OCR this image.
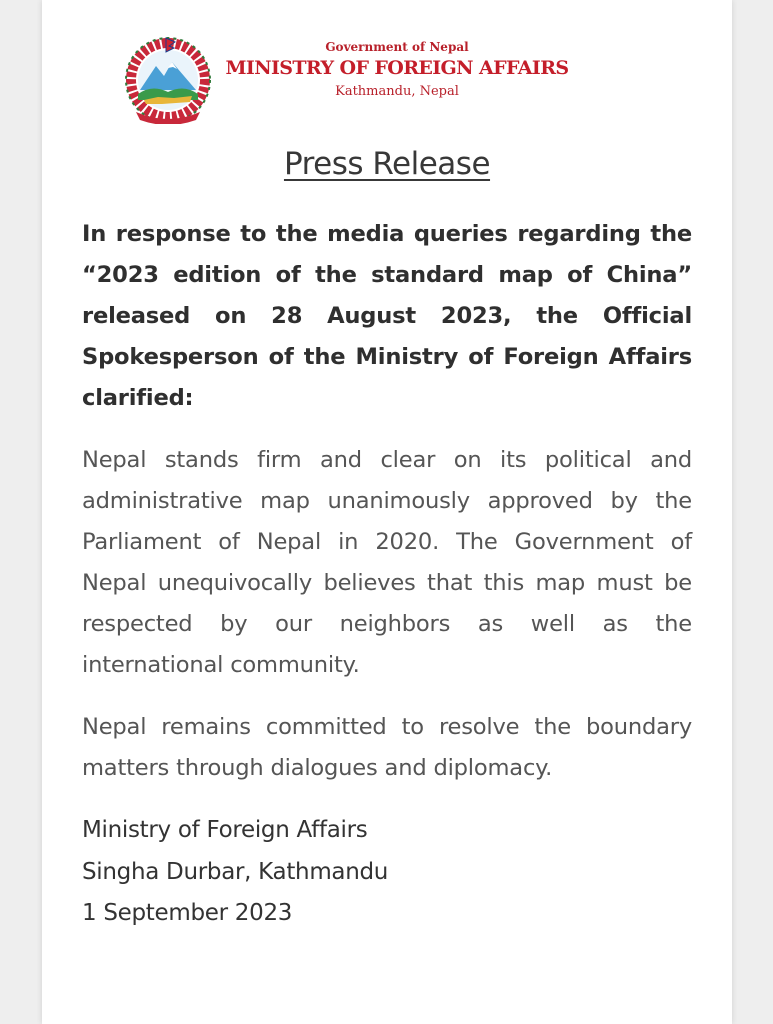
Government of Nepal
MINISTRY OF FOREIGN AFFAIRS
Kathmandu, Nepal
Press Release
In response to the media queries regarding the “2023 edition of the standard map of China” released on 28 August 2023, the Official Spokesperson of the Ministry of Foreign Affairs clarified:
Nepal stands firm and clear on its political and administrative map unanimously approved by the Parliament of Nepal in 2020. The Government of Nepal unequivocally believes that this map must be respected by our neighbors as well as the international community.
Nepal remains committed to resolve the boundary matters through dialogues and diplomacy.
Ministry of Foreign Affairs
Singha Durbar, Kathmandu
1 September 2023
